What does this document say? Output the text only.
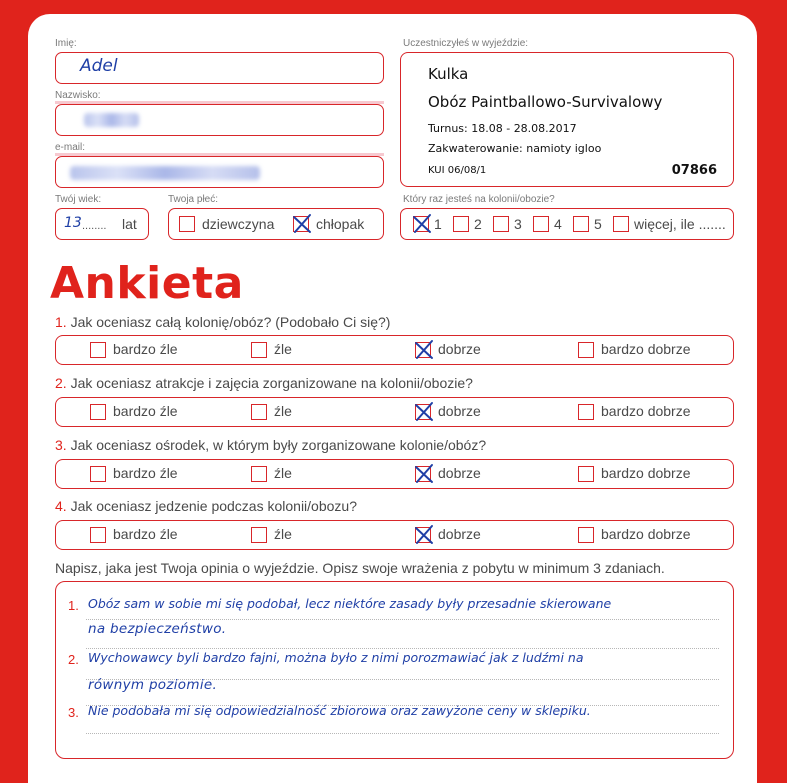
Imię:
Adel
Nazwisko:
e-mail:
Twój wiek:
13 ........ lat
Twoja płeć:
dziewczyna	chłopak
Uczestniczyłeś w wyjeździe:
Kulka
Obóz Paintballowo-Survivalowy
Turnus: 18.08 - 28.08.2017
Zakwaterowanie: namioty igloo
KUI 06/08/1	07866
Który raz jesteś na kolonii/obozie?
1 2 3 4 5 więcej, ile .......
Ankieta
1. Jak oceniasz całą kolonię/obóz? (Podobało Ci się?)
bardzo źle	źle	dobrze	bardzo dobrze
2. Jak oceniasz atrakcje i zajęcia zorganizowane na kolonii/obozie?
bardzo źle	źle	dobrze	bardzo dobrze
3. Jak oceniasz ośrodek, w którym były zorganizowane kolonie/obóz?
bardzo źle	źle	dobrze	bardzo dobrze
4. Jak oceniasz jedzenie podczas kolonii/obozu?
bardzo źle	źle	dobrze	bardzo dobrze
Napisz, jaka jest Twoja opinia o wyjeździe. Opisz swoje wrażenia z pobytu w minimum 3 zdaniach.
1.
2.
3.
Obóz sam w sobie mi się podobał, lecz niektóre zasady były przesadnie skierowane
na bezpieczeństwo.
Wychowawcy byli bardzo fajni, można było z nimi porozmawiać jak z ludźmi na
równym poziomie.
Nie podobała mi się odpowiedzialność zbiorowa oraz zawyżone ceny w sklepiku.
